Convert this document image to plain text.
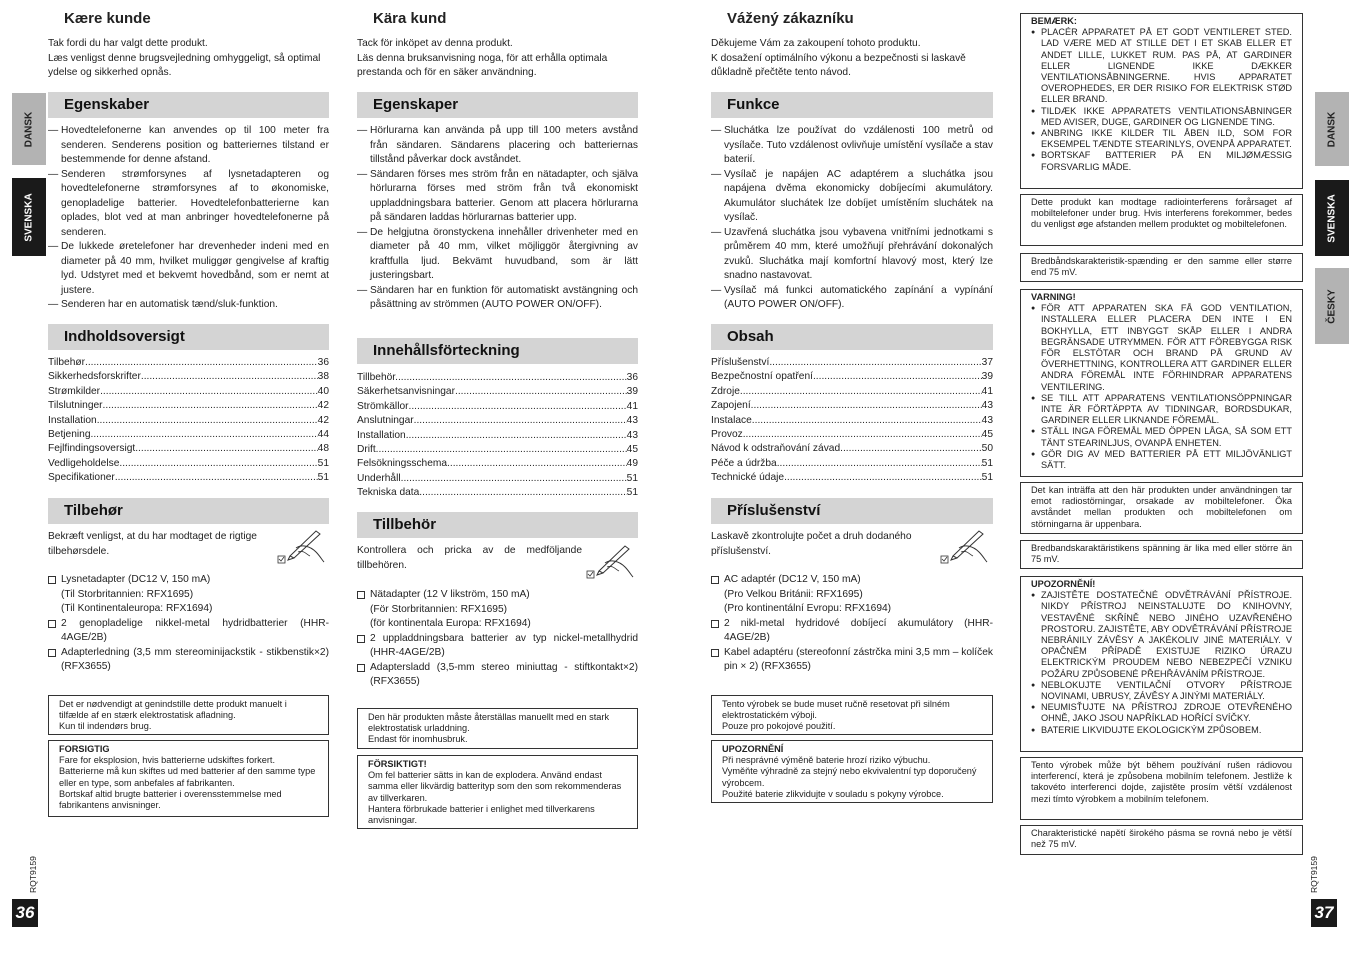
DANSK
SVENSKA
DANSK
SVENSKA
ČESKY
Kære kunde

Tak fordi du har valgt dette produkt.
Læs venligst denne brugsvejledning omhyggeligt, så optimal ydelse og sikkerhed opnås.

Egenskaber
— Hovedtelefonerne kan anvendes op til 100 meter fra senderen. Senderens position og batteriernes tilstand er bestemmende for denne afstand.
— Senderen strømforsynes af lysnetadapteren og hovedtelefonerne strømforsynes af to økonomiske, genopladelige batterier. Hovedtelefonbatterierne kan oplades, blot ved at man anbringer hovedtelefonerne på senderen.
— De lukkede øretelefoner har drevenheder indeni med en diameter på 40 mm, hvilket muliggør gengivelse af kraftig lyd. Udstyret med et bekvemt hovedbånd, som er nemt at justere.
— Senderen har en automatisk tænd/sluk-funktion.
Indholdsoversigt
Tilbehør .....	36
Sikkerhedsforskrifter .....	38
Strømkilder .....	40
Tilslutninger .....	42
Installation .....	42
Betjening .....	44
Fejlfindingsoversigt .....	48
Vedligeholdelse .....	51
Specifikationer .....	51
Tilbehør

Bekræft venligst, at du har modtaget de rigtige tilbehørsdele.

Lysnetadapter (DC12 V, 150 mA)
(Til Storbritannien: RFX1695)
(Til Kontinentaleuropa: RFX1694)
2 genopladelige nikkel-metal hydridbatterier (HHR-4AGE/2B)
Adapterledning (3,5 mm stereominijackstik - stikbenstik×2) (RFX3655)
Det er nødvendigt at genindstille dette produkt manuelt i tilfælde af en stærk elektrostatisk afladning.
Kun til indendørs brug.
FORSIGTIG
Fare for eksplosion, hvis batterierne udskiftes forkert.
Batterierne må kun skiftes ud med batterier af den samme type eller en type, som anbefales af fabrikanten.
Bortskaf altid brugte batterier i overensstemmelse med fabrikantens anvisninger.
Kära kund

Tack för inköpet av denna produkt.
Läs denna bruksanvisning noga, för att erhålla optimala prestanda och för en säker användning.

Egenskaper
— Hörlurarna kan använda på upp till 100 meters avstånd från sändaren. Sändarens placering och batteriernas tillstånd påverkar dock avståndet.
— Sändaren förses mes ström från en nätadapter, och själva hörlurarna förses med ström från två ekonomiskt uppladdningsbara batterier. Genom att placera hörlurarna på sändaren laddas hörlurarnas batterier upp.
— De helgjutna öronstyckena innehåller drivenheter med en diameter på 40 mm, vilket möjliggör återgivning av kraftfulla ljud. Bekvämt huvudband, som är lätt justeringsbart.
— Sändaren har en funktion för automatiskt avstängning och påsättning av strömmen (AUTO POWER ON/OFF).
Innehållsförteckning
Tillbehör.. .....	36
Säkerhetsanvisningar .....	39
Strömkällor .....	41
Anslutningar .....	43
Installation .....	43
Drift. .....	45
Felsökningsschema .....	49
Underhåll. .....	51
Tekniska data .....	51
Tillbehör

Kontrollera och pricka av de medföljande tillbehören.

Nätadapter (12 V likström, 150 mA)
(För Storbritannien: RFX1695)
(för kontinentala Europa: RFX1694)
2 uppladdningsbara batterier av typ nickel-metallhydrid (HHR-4AGE/2B)
Adaptersladd (3,5-mm stereo miniuttag - stiftkontakt×2) (RFX3655)
Den här produkten måste återställas manuellt med en stark elektrostatisk urladdning.
Endast för inomhusbruk.
FÖRSIKTIGT!
Om fel batterier sätts in kan de explodera. Använd endast samma eller likvärdig batterityp som den som rekommenderas av tillverkaren.
Hantera förbrukade batterier i enlighet med tillverkarens anvisningar.
Vážený zákazníku

Děkujeme Vám za zakoupení tohoto produktu.
K dosažení optimálního výkonu a bezpečnosti si laskavě důkladně přečtěte tento návod.

Funkce
— Sluchátka lze používat do vzdálenosti 100 metrů od vysílače. Tuto vzdálenost ovlivňuje umístění vysílače a stav baterií.
— Vysílač je napájen AC adaptérem a sluchátka jsou napájena dvěma ekonomicky dobíjecími akumulátory. Akumulátor sluchátek lze dobíjet umístěním sluchátek na vysílač.
— Uzavřená sluchátka jsou vybavena vnitřními jednotkami s průměrem 40 mm, které umožňují přehrávání dokonalých zvuků. Sluchátka mají komfortní hlavový most, který lze snadno nastavovat.
— Vysílač má funkci automatického zapínání a vypínání (AUTO POWER ON/OFF).
Obsah
Příslušenství. .....	37
Bezpečnostní opatření... .....	39
Zdroje .....	41
Zapojení .....	43
Instalace .....	43
Provoz.... .....	45
Návod k odstraňování závad .....	50
Péče a údržba. .....	51
Technické údaje .....	51
Příslušenství

Laskavě zkontrolujte počet a druh dodaného příslušenství.

AC adaptér (DC12 V, 150 mA)
(Pro Velkou Británii: RFX1695)
(Pro kontinentální Evropu: RFX1694)
2 nikl-metal hydridové dobíjecí akumulátory (HHR-4AGE/2B)
Kabel adaptéru (stereofonní zástrčka mini 3,5 mm – kolíček pin × 2) (RFX3655)
Tento výrobek se bude muset ručně resetovat při silném elektrostatickém výboji.
Pouze pro pokojové použití.
UPOZORNĚNÍ
Při nesprávné výměně baterie hrozí riziko výbuchu.
Vyměňte výhradně za stejný nebo ekvivalentní typ doporučený výrobcem.
Použité baterie zlikvidujte v souladu s pokyny výrobce.
BEMÆRK:
● PLACÉR APPARATET PÅ ET GODT VENTILERET STED. LAD VÆRE MED AT STILLE DET I ET SKAB ELLER ET ANDET LILLE, LUKKET RUM. PAS PÅ, AT GARDINER ELLER LIGNENDE IKKE DÆKKER VENTILATIONSÅBNINGERNE. HVIS APPARATET OVEROPHEDES, ER DER RISIKO FOR ELEKTRISK STØD ELLER BRAND.
● TILDÆK IKKE APPARATETS VENTILATIONSÅBNINGER MED AVISER, DUGE, GARDINER OG LIGNENDE TING.
● ANBRING IKKE KILDER TIL ÅBEN ILD, SOM FOR EKSEMPEL TÆNDTE STEARINLYS, OVENPÅ APPARATET.
● BORTSKAF BATTERIER PÅ EN MILJØMÆSSIG FORSVARLIG MÅDE.
Dette produkt kan modtage radiointerferens forårsaget af mobiltelefoner under brug. Hvis interferens forekommer, bedes du venligst øge afstanden mellem produktet og mobiltelefonen.
Bredbåndskarakteristik-spænding er den samme eller større end 75 mV.
VARNING!
● FÖR ATT APPARATEN SKA FÅ GOD VENTILATION, INSTALLERA ELLER PLACERA DEN INTE I EN BOKHYLLA, ETT INBYGGT SKÅP ELLER I ANDRA BEGRÄNSADE UTRYMMEN. FÖR ATT FÖREBYGGA RISK FÖR ELSTÖTAR OCH BRAND PÅ GRUND AV ÖVERHETTNING, KONTROLLERA ATT GARDINER ELLER ANDRA FÖREMÅL INTE FÖRHINDRAR APPARATENS VENTILERING.
● SE TILL ATT APPARATENS VENTILATIONSÖPPNINGAR INTE ÄR FÖRTÄPPTA AV TIDNINGAR, BORDSDUKAR, GARDINER ELLER LIKNANDE FÖREMÅL.
● STÄLL INGA FÖREMÅL MED ÖPPEN LÅGA, SÅ SOM ETT TÄNT STEARINLJUS, OVANPÅ ENHETEN.
● GÖR DIG AV MED BATTERIER PÅ ETT MILJÖVÄNLIGT SÄTT.
Det kan inträffa att den här produkten under användningen tar emot radiostörningar, orsakade av mobiltelefoner. Öka avståndet mellan produkten och mobiltelefonen om störningarna är uppenbara.
Bredbandskaraktäristikens spänning är lika med eller större än 75 mV.
UPOZORNĚNÍ!
● ZAJISTĚTE DOSTATEČNÉ ODVĚTRÁVÁNÍ PŘÍSTROJE. NIKDY PŘÍSTROJ NEINSTALUJTE DO KNIHOVNY, VESTAVĚNÉ SKŘÍNĚ NEBO JINÉHO UZAVŘENÉHO PROSTORU. ZAJISTĚTE, ABY ODVĚTRÁVÁNÍ PŘÍSTROJE NEBRÁNILY ZÁVĚSY A JAKÉKOLIV JINÉ MATERIÁLY. V OPAČNÉM PŘÍPADĚ EXISTUJE RIZIKO ÚRAZU ELEKTRICKÝM PROUDEM NEBO NEBEZPEČÍ VZNIKU POŽÁRU ZPŮSOBENÉ PŘEHŘÁVÁNÍM PŘÍSTROJE.
● NEBLOKUJTE VENTILAČNÍ OTVORY PŘÍSTROJE NOVINAMI, UBRUSY, ZÁVĚSY A JINÝMI MATERIÁLY.
● NEUMISŤUJTE NA PŘÍSTROJ ZDROJE OTEVŘENÉHO OHNĚ, JAKO JSOU NAPŘÍKLAD HOŘÍCÍ SVÍČKY.
● BATERIE LIKVIDUJTE EKOLOGICKÝM ZPŮSOBEM.
Tento výrobek může být během používání rušen rádiovou interferencí, která je způsobena mobilním telefonem. Jestliže k takovéto interferenci dojde, zajistěte prosím větší vzdálenost mezi tímto výrobkem a mobilním telefonem.
Charakteristické napětí širokého pásma se rovná nebo je větší než 75 mV.
RQT9159
36
RQT9159
37
